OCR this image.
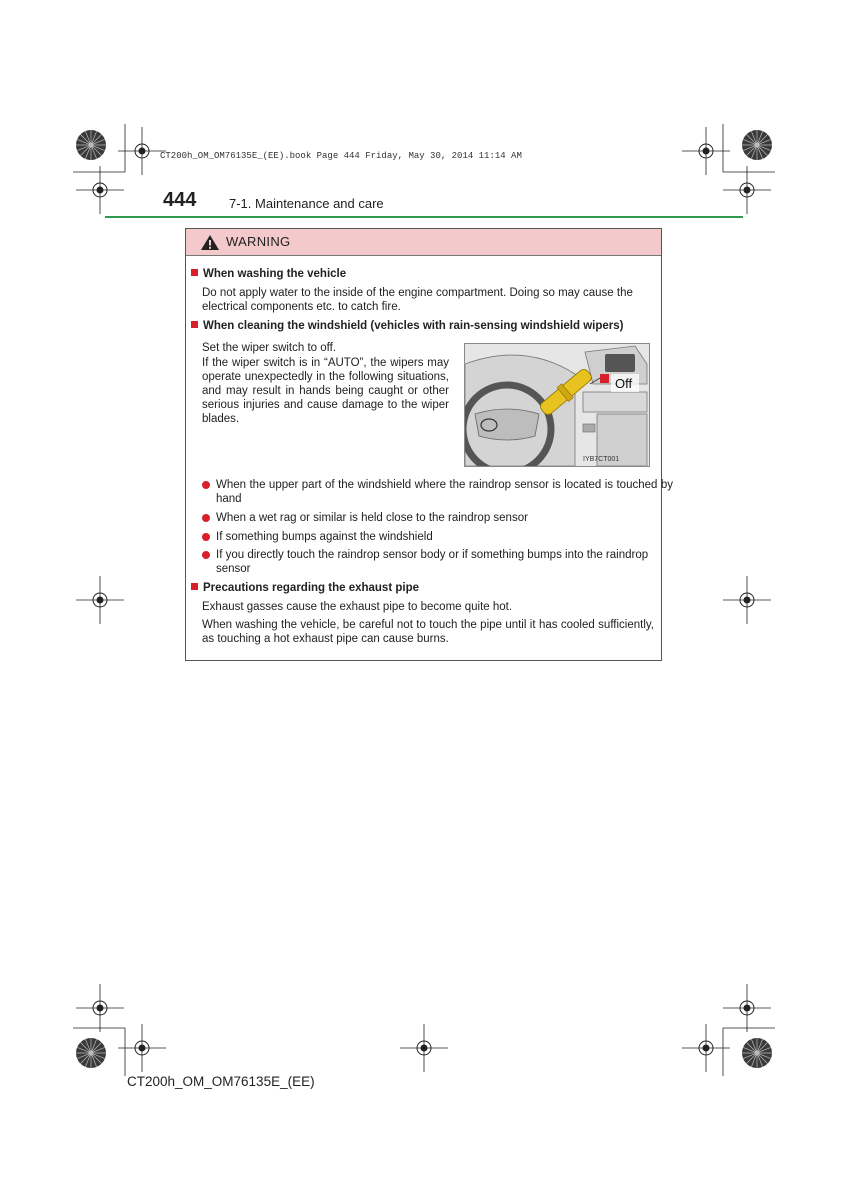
CT200h_OM_OM76135E_(EE).book Page 444 Friday, May 30, 2014 11:14 AM
444	7-1. Maintenance and care
WARNING
When washing the vehicle
Do not apply water to the inside of the engine compartment. Doing so may cause the electrical components etc. to catch fire.
When cleaning the windshield (vehicles with rain-sensing windshield wipers)
Set the wiper switch to off.
If the wiper switch is in “AUTO”, the wipers may operate unexpectedly in the following situations, and may result in hands being caught or other serious injuries and cause damage to the wiper blades.
Off
IYB7CT001
When the upper part of the windshield where the raindrop sensor is located is touched by hand
When a wet rag or similar is held close to the raindrop sensor
If something bumps against the windshield
If you directly touch the raindrop sensor body or if something bumps into the raindrop sensor
Precautions regarding the exhaust pipe
Exhaust gasses cause the exhaust pipe to become quite hot.
When washing the vehicle, be careful not to touch the pipe until it has cooled sufficiently, as touching a hot exhaust pipe can cause burns.
CT200h_OM_OM76135E_(EE)
